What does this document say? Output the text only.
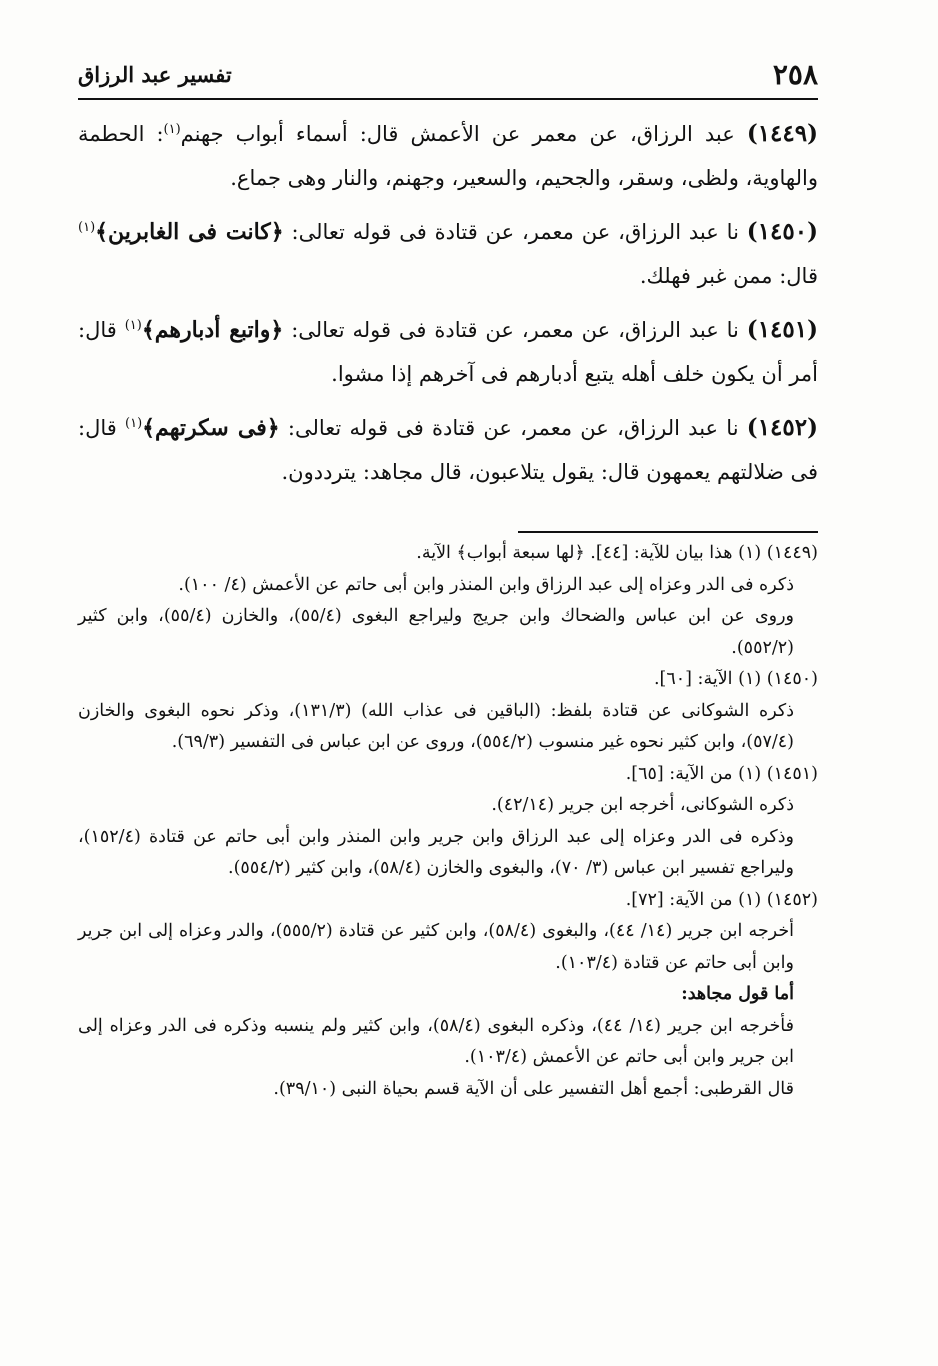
٢٥٨
تفسير عبد الرزاق

(١٤٤٩) عبد الرزاق، عن معمر عن الأعمش قال: أسماء أبواب جهنم$^{(١)}$: الحطمة والهاوية، ولظى، وسقر، والجحيم، والسعير، وجهنم، والنار وهى جماع.

(١٤٥٠) نا عبد الرزاق، عن معمر، عن قتادة فى قوله تعالى: ﴿كانت فى الغابرين﴾$^{(١)}$ قال: ممن غبر فهلك.

(١٤٥١) نا عبد الرزاق، عن معمر، عن قتادة فى قوله تعالى: ﴿واتبع أدبارهم﴾$^{(١)}$ قال: أمر أن يكون خلف أهله يتبع أدبارهم فى آخرهم إذا مشوا.

(١٤٥٢) نا عبد الرزاق، عن معمر، عن قتادة فى قوله تعالى: ﴿فى سكرتهم﴾$^{(١)}$ قال: فى ضلالتهم يعمهون قال: يقول يتلاعبون، قال مجاهد: يترددون.

(١٤٤٩) (١) هذا بيان للآية: [٤٤]. ﴿لها سبعة أبواب﴾ الآية.

ذكره فى الدر وعزاه إلى عبد الرزاق وابن المنذر وابن أبى حاتم عن الأعمش (٤/ ١٠٠).

وروى عن ابن عباس والضحاك وابن جريج وليراجع البغوى (٥٥/٤)، والخازن (٥٥/٤)، وابن كثير (٥٥٢/٢).

(١٤٥٠) (١) الآية: [٦٠].

ذكره الشوكانى عن قتادة بلفظ: (الباقين فى عذاب الله) (١٣١/٣)، وذكر نحوه البغوى والخازن (٥٧/٤)، وابن كثير نحوه غير منسوب (٥٥٤/٢)، وروى عن ابن عباس فى التفسير (٦٩/٣).

(١٤٥١) (١) من الآية: [٦٥].

ذكره الشوكانى، أخرجه ابن جرير (٤٢/١٤).

وذكره فى الدر وعزاه إلى عبد الرزاق وابن جرير وابن المنذر وابن أبى حاتم عن قتادة (١٥٢/٤)، وليراجع تفسير ابن عباس (٣/ ٧٠)، والبغوى والخازن (٥٨/٤)، وابن كثير (٥٥٤/٢).

(١٤٥٢) (١) من الآية: [٧٢].

أخرجه ابن جرير (١٤/ ٤٤)، والبغوى (٥٨/٤)، وابن كثير عن قتادة (٥٥٥/٢)، والدر وعزاه إلى ابن جرير وابن أبى حاتم عن قتادة (١٠٣/٤).

أما قول مجاهد:

فأخرجه ابن جرير (١٤/ ٤٤)، وذكره البغوى (٥٨/٤)، وابن كثير ولم ينسبه وذكره فى الدر وعزاه إلى ابن جرير وابن أبى حاتم عن الأعمش (١٠٣/٤).

قال القرطبى: أجمع أهل التفسير على أن الآية قسم بحياة النبى (٣٩/١٠).
